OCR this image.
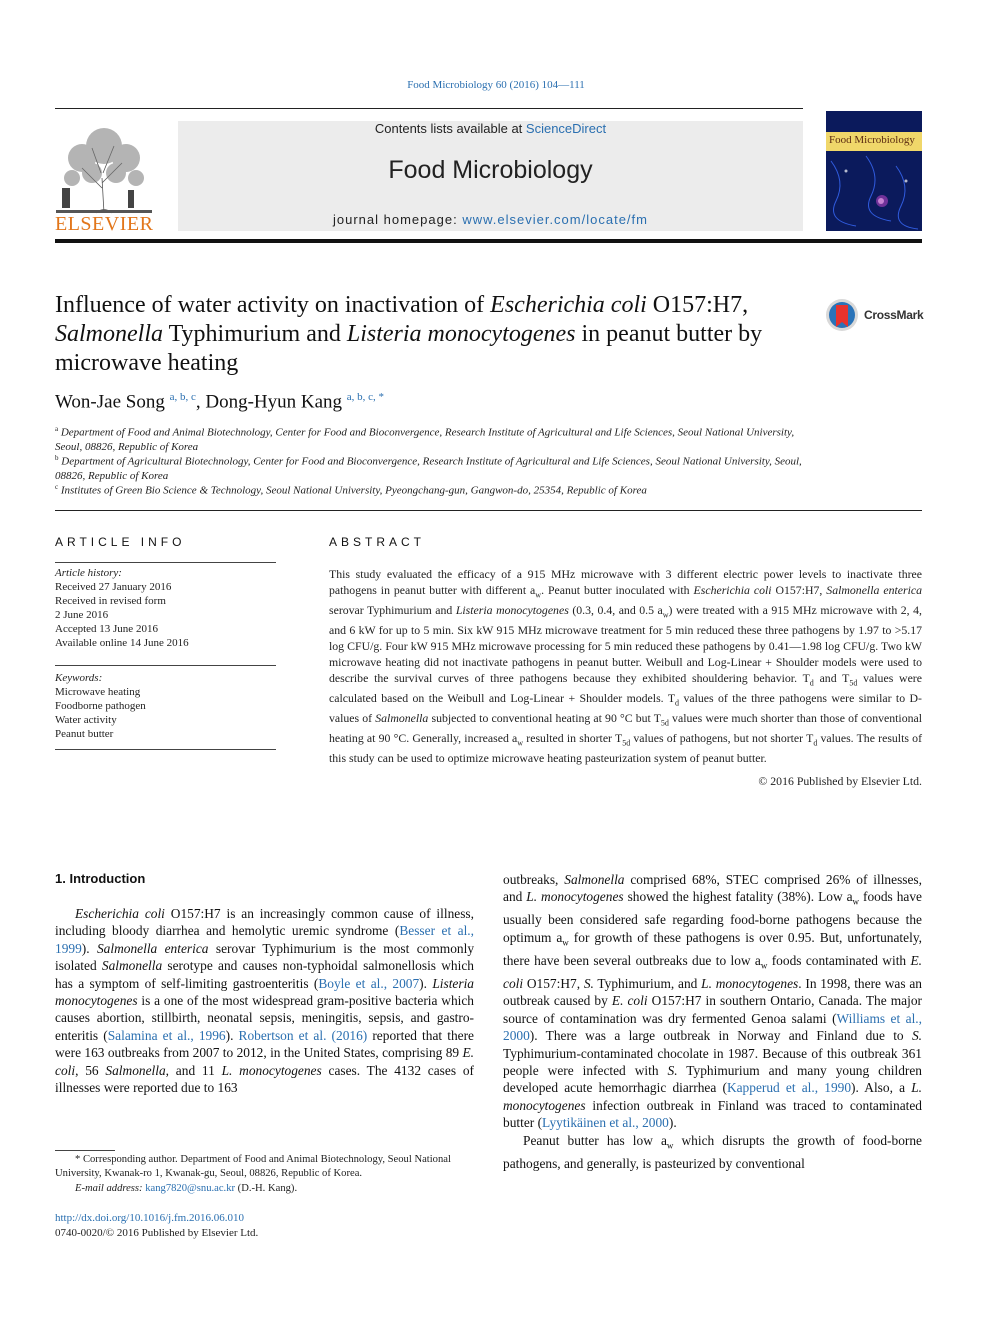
Food Microbiology 60 (2016) 104—111
ELSEVIER
Contents lists available at ScienceDirect
Food Microbiology
journal homepage: www.elsevier.com/locate/fm
Food Microbiology
Influence of water activity on inactivation of Escherichia coli O157:H7, Salmonella Typhimurium and Listeria monocytogenes in peanut butter by microwave heating
CrossMark
Won-Jae Song $^{a, b, c}$, Dong-Hyun Kang $^{a, b, c, *}$
$^a$ Department of Food and Animal Biotechnology, Center for Food and Bioconvergence, Research Institute of Agricultural and Life Sciences, Seoul National University, Seoul, 08826, Republic of Korea
$^b$ Department of Agricultural Biotechnology, Center for Food and Bioconvergence, Research Institute of Agricultural and Life Sciences, Seoul National University, Seoul, 08826, Republic of Korea
$^c$ Institutes of Green Bio Science & Technology, Seoul National University, Pyeongchang-gun, Gangwon-do, 25354, Republic of Korea
ARTICLE INFO
Article history:
Received 27 January 2016
Received in revised form
2 June 2016
Accepted 13 June 2016
Available online 14 June 2016
Keywords:
Microwave heating
Foodborne pathogen
Water activity
Peanut butter
ABSTRACT
This study evaluated the efficacy of a 915 MHz microwave with 3 different electric power levels to inactivate three pathogens in peanut butter with different $a_w$. Peanut butter inoculated with Escherichia coli O157:H7, Salmonella enterica serovar Typhimurium and Listeria monocytogenes (0.3, 0.4, and 0.5 $a_w$) were treated with a 915 MHz microwave with 2, 4, and 6 kW for up to 5 min. Six kW 915 MHz microwave treatment for 5 min reduced these three pathogens by 1.97 to >5.17 log CFU/g. Four kW 915 MHz microwave processing for 5 min reduced these pathogens by 0.41—1.98 log CFU/g. Two kW microwave heating did not inactivate pathogens in peanut butter. Weibull and Log-Linear + Shoulder models were used to describe the survival curves of three pathogens because they exhibited shouldering behavior. $T_d$ and $T_{5d}$ values were calculated based on the Weibull and Log-Linear + Shoulder models. $T_d$ values of the three pathogens were similar to D-values of Salmonella subjected to conventional heating at 90 °C but $T_{5d}$ values were much shorter than those of conventional heating at 90 °C. Generally, increased $a_w$ resulted in shorter $T_{5d}$ values of pathogens, but not shorter $T_d$ values. The results of this study can be used to optimize microwave heating pasteurization system of peanut butter.
© 2016 Published by Elsevier Ltd.
1. Introduction

Escherichia coli O157:H7 is an increasingly common cause of illness, including bloody diarrhea and hemolytic uremic syndrome (Besser et al., 1999). Salmonella enterica serovar Typhimurium is the most commonly isolated Salmonella serotype and causes non-typhoidal salmonellosis which has a symptom of self-limiting gastroenteritis (Boyle et al., 2007). Listeria monocytogenes is a one of the most widespread gram-positive bacteria which causes abortion, stillbirth, neonatal sepsis, meningitis, sepsis, and gastro-enteritis (Salamina et al., 1996). Robertson et al. (2016) reported that there were 163 outbreaks from 2007 to 2012, in the United States, comprising 89 E. coli, 56 Salmonella, and 11 L. monocytogenes cases. The 4132 cases of illnesses were reported due to 163

outbreaks, Salmonella comprised 68%, STEC comprised 26% of illnesses, and L. monocytogenes showed the highest fatality (38%). Low $a_w$ foods have usually been considered safe regarding food-borne pathogens because the optimum $a_w$ for growth of these pathogens is over 0.95. But, unfortunately, there have been several outbreaks due to low $a_w$ foods contaminated with E. coli O157:H7, S. Typhimurium, and L. monocytogenes. In 1998, there was an outbreak caused by E. coli O157:H7 in southern Ontario, Canada. The major source of contamination was dry fermented Genoa salami (Williams et al., 2000). There was a large outbreak in Norway and Finland due to S. Typhimurium-contaminated chocolate in 1987. Because of this outbreak 361 people were infected with S. Typhimurium and many young children developed acute hemorrhagic diarrhea (Kapperud et al., 1990). Also, a L. monocytogenes infection outbreak in Finland was traced to contaminated butter (Lyytikäinen et al., 2000).

Peanut butter has low $a_w$ which disrupts the growth of food-borne pathogens, and generally, is pasteurized by conventional

* Corresponding author. Department of Food and Animal Biotechnology, Seoul National University, Kwanak-ro 1, Kwanak-gu, Seoul, 08826, Republic of Korea.
E-mail address: kang7820@snu.ac.kr (D.-H. Kang).
http://dx.doi.org/10.1016/j.fm.2016.06.010
0740-0020/© 2016 Published by Elsevier Ltd.
